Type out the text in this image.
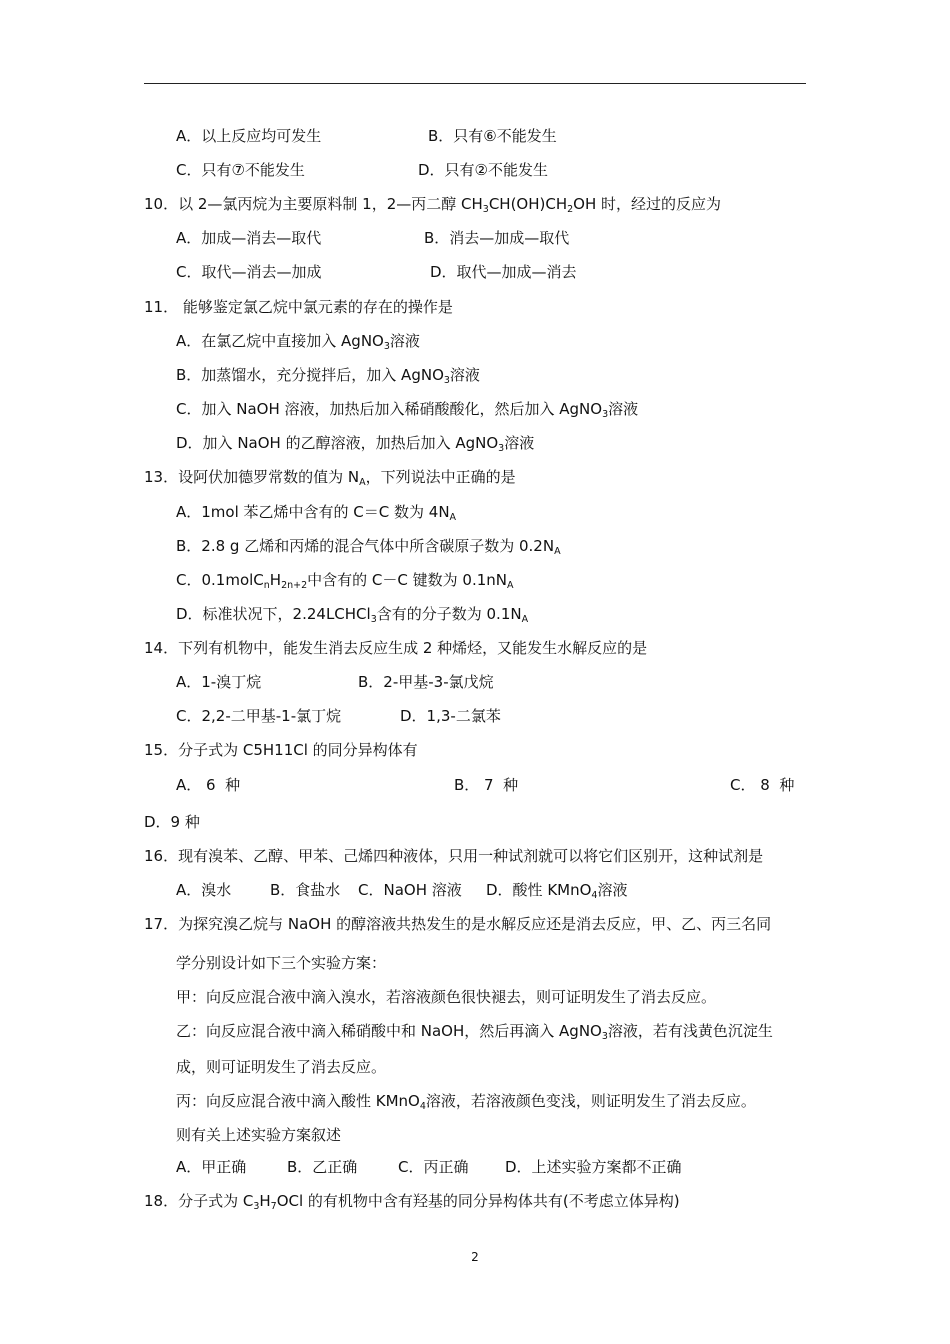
A．以上反应均可发生	B．只有⑥不能发生
C．只有⑦不能发生	D．只有②不能发生
10．以 2—氯丙烷为主要原料制 1，2—丙二醇 $CH_3CH(OH)CH_2OH$ 时，经过的反应为
A．加成—消去—取代	B．消去—加成—取代
C．取代—消去—加成	D．取代—加成—消去
11． 能够鉴定氯乙烷中氯元素的存在的操作是
A．在氯乙烷中直接加入 AgNO$_3$溶液
B．加蒸馏水，充分搅拌后，加入 AgNO$_3$溶液
C．加入 NaOH 溶液，加热后加入稀硝酸酸化，然后加入 AgNO$_3$溶液
D．加入 NaOH 的乙醇溶液，加热后加入 AgNO$_3$溶液
13．设阿伏加德罗常数的值为 $N_A$，下列说法中正确的是
A．1mol 苯乙烯中含有的 C＝C 数为 $4N_A$
B．2.8 g 乙烯和丙烯的混合气体中所含碳原子数为 $0.2N_A$
C．$0.1molC_nH_{2n+2}$中含有的 C－C 键数为 $0.1nN_A$
D．标准状况下，2.24LCHCl$_3$含有的分子数为 $0.1N_A$
14．下列有机物中，能发生消去反应生成 2 种烯烃，又能发生水解反应的是
A．1-溴丁烷	B．2-甲基-3-氯戊烷
C．2,2-二甲基-1-氯丁烷	D．1,3-二氯苯
15．分子式为 C5H11Cl 的同分异构体有
A． 6  种	B． 7  种	C． 8  种
D．9 种
16．现有溴苯、乙醇、甲苯、己烯四种液体，只用一种试剂就可以将它们区别开，这种试剂是
A．溴水	B．食盐水 C．NaOH 溶液 D．酸性 KMnO$_4$溶液
17．为探究溴乙烷与 NaOH 的醇溶液共热发生的是水解反应还是消去反应，甲、乙、丙三名同
学分别设计如下三个实验方案：
甲：向反应混合液中滴入溴水，若溶液颜色很快褪去，则可证明发生了消去反应。
乙：向反应混合液中滴入稀硝酸中和 NaOH，然后再滴入 AgNO$_3$溶液，若有浅黄色沉淀生
成，则可证明发生了消去反应。
丙：向反应混合液中滴入酸性 KMnO$_4$溶液，若溶液颜色变浅，则证明发生了消去反应。
则有关上述实验方案叙述
A．甲正确	B．乙正确	C．丙正确 D．上述实验方案都不正确
18．分子式为 $C_3H_7OCl$ 的有机物中含有羟基的同分异构体共有(不考虑立体异构)
2
